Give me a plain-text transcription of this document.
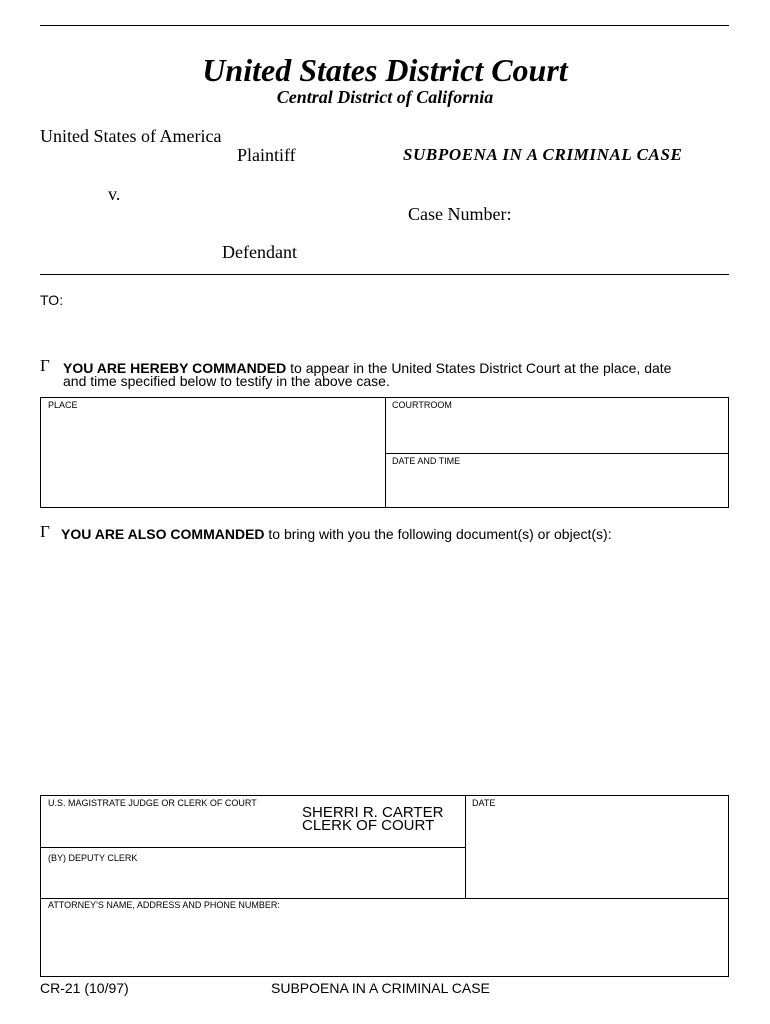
United States District Court
Central District of California
United States of America
Plaintiff	SUBPOENA IN A CRIMINAL CASE
v.
Case Number:
Defendant
TO:
Γ YOU ARE HEREBY COMMANDED to appear in the United States District Court at the place, date
and time specified below to testify in the above case.
PLACE	COURTROOM
DATE AND TIME
Γ YOU ARE ALSO COMMANDED to bring with you the following document(s) or object(s):
U.S. MAGISTRATE JUDGE OR CLERK OF COURT
SHERRI R. CARTER
CLERK OF COURT
DATE
(BY) DEPUTY CLERK
ATTORNEY'S NAME, ADDRESS AND PHONE NUMBER:
CR-21 (10/97)	SUBPOENA IN A CRIMINAL CASE
